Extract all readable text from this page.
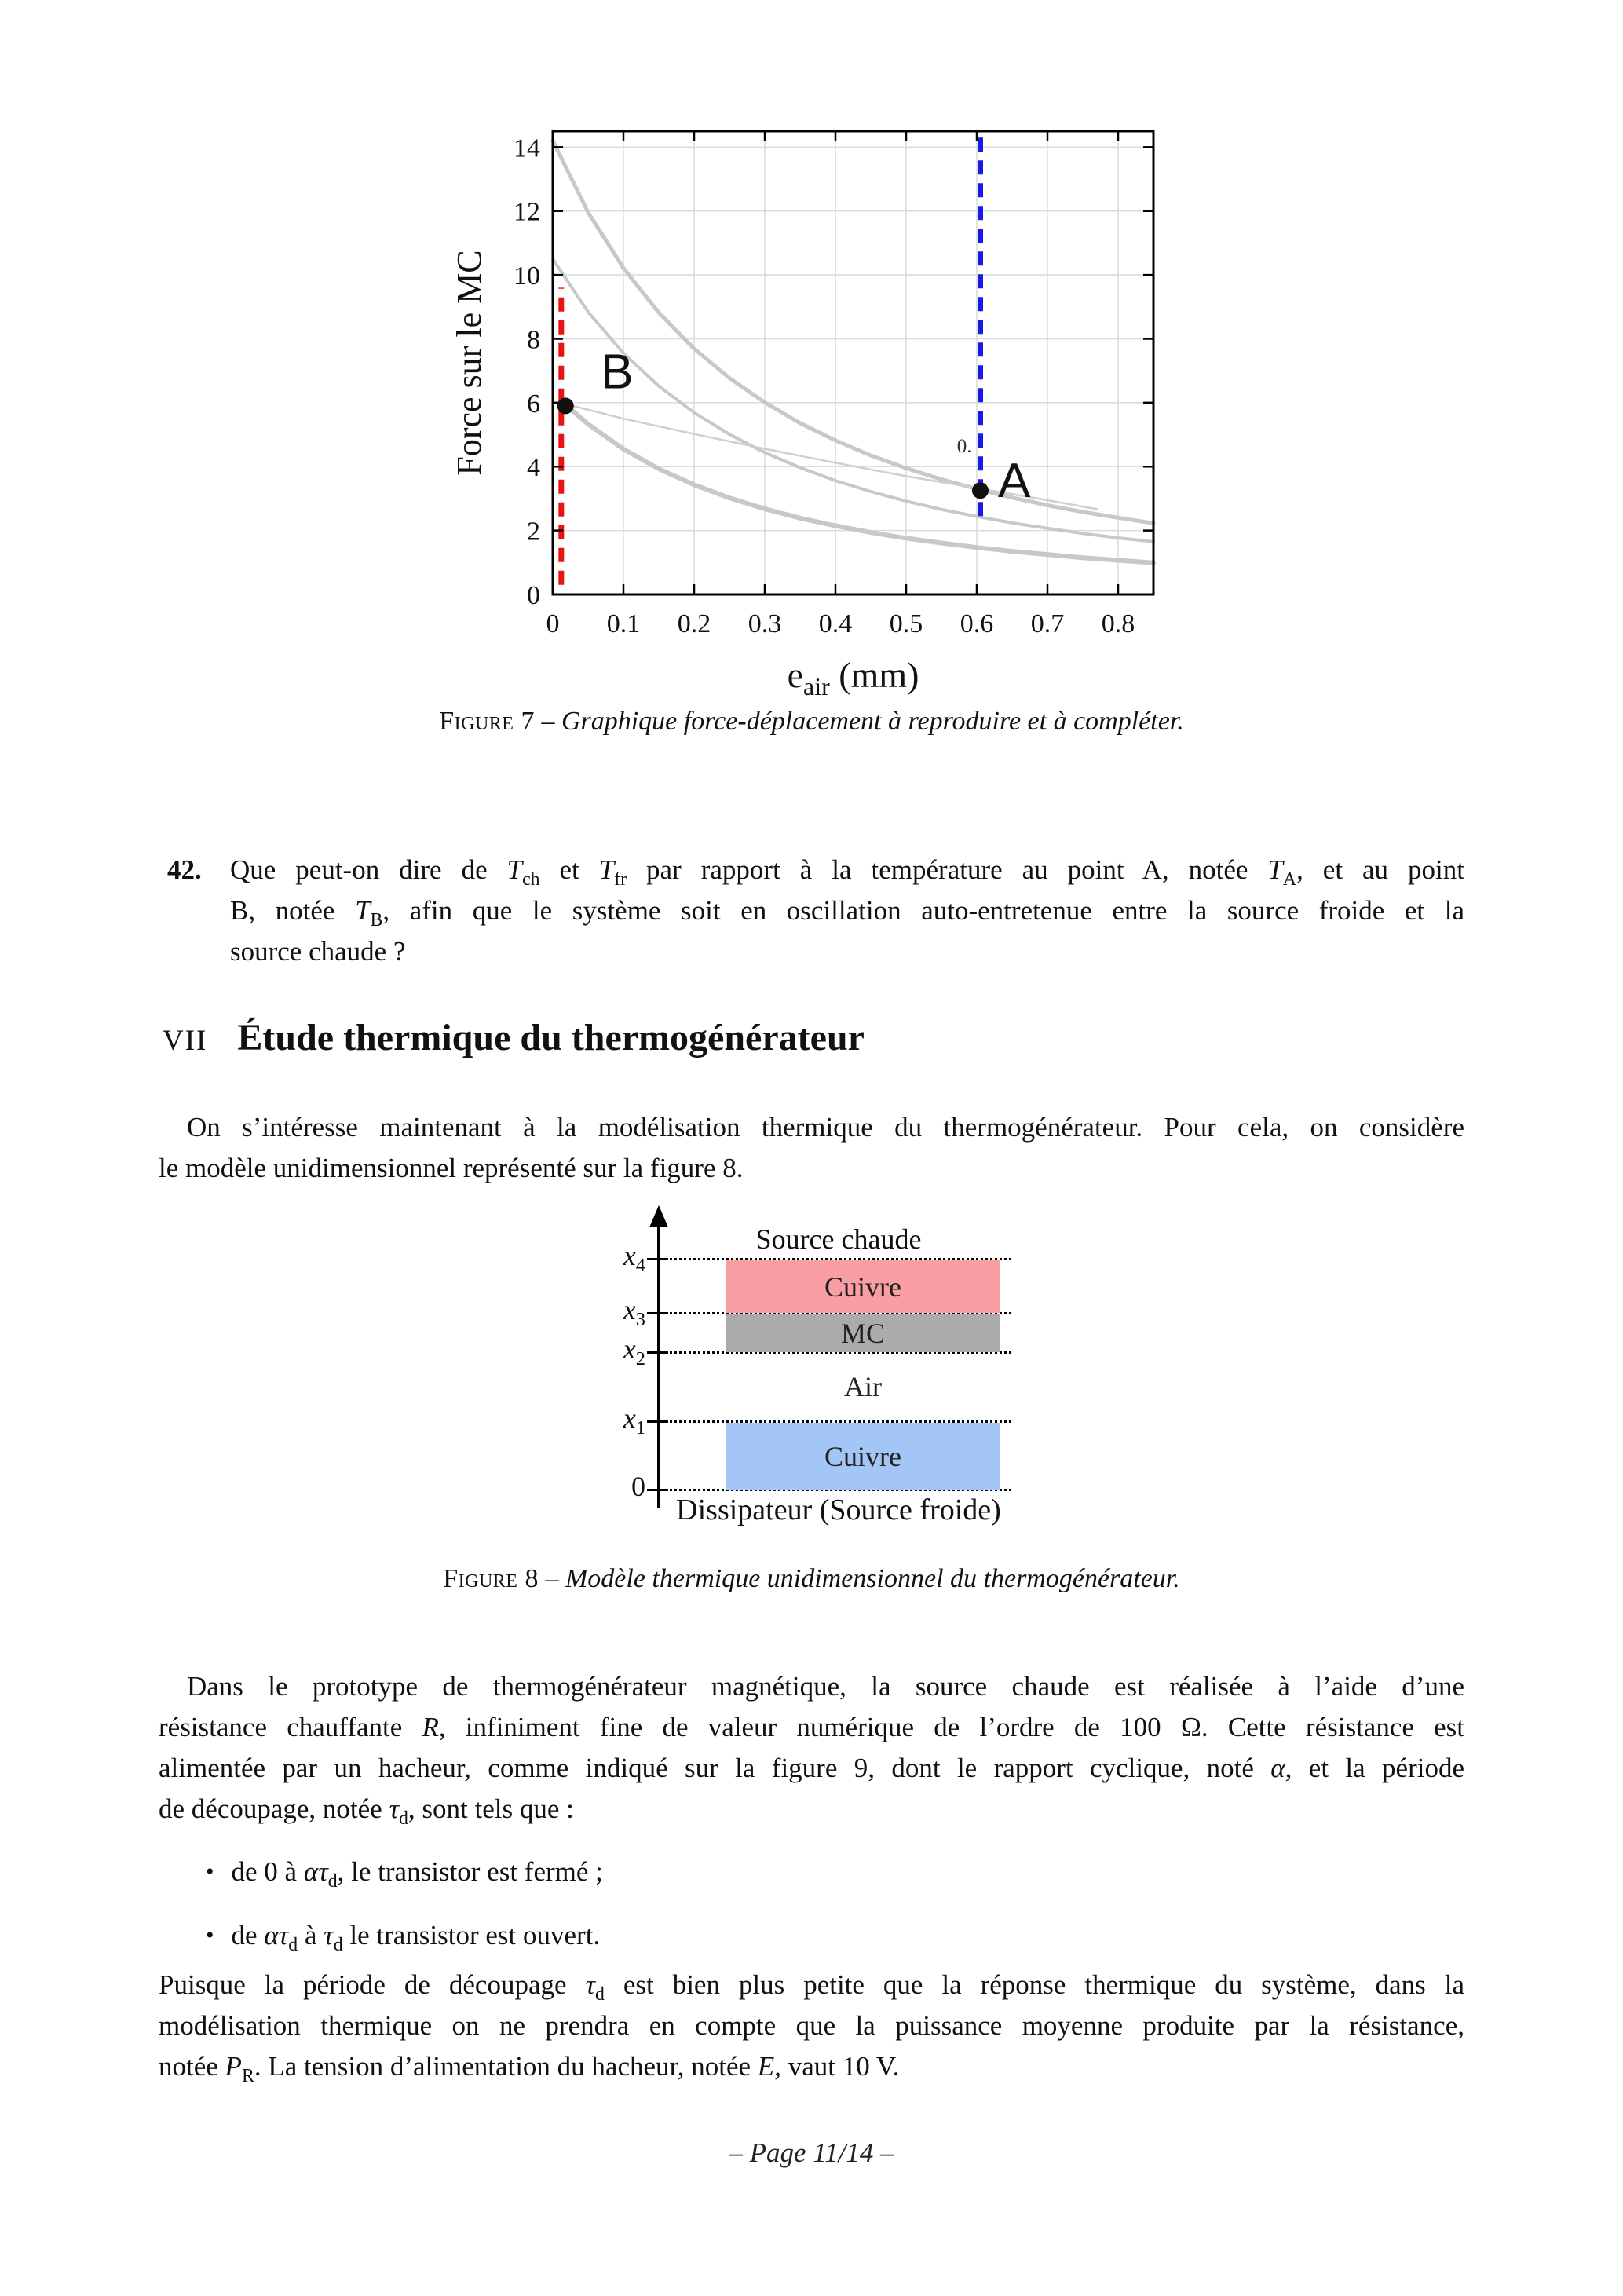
0 0.1 0.2 0.3 0.4 0.5 0.6 0.7 0.8
0
2
4
6
8
10
12
14
B
A
0.
Force sur le MC
$e_{air}$ (mm)
Figure 7 – Graphique force-déplacement à reproduire et à compléter.
42. Que peut-on dire de $T_{ch}$ et $T_{fr}$ par rapport à la température au point A, notée $T_A$, et au point
B, notée $T_B$, afin que le système soit en oscillation auto-entretenue entre la source froide et la
source chaude ?
VII Étude thermique du thermogénérateur
On s’intéresse maintenant à la modélisation thermique du thermogénérateur. Pour cela, on considère
le modèle unidimensionnel représenté sur la figure 8.
$x_4$
$x_3$
$x_2$
$x_1$
0
Source chaude
Cuivre
MC
Air
Cuivre
Dissipateur (Source froide)
Figure 8 – Modèle thermique unidimensionnel du thermogénérateur.
Dans le prototype de thermogénérateur magnétique, la source chaude est réalisée à l’aide d’une
résistance chauffante R, infiniment fine de valeur numérique de l’ordre de 100 Ω. Cette résistance est
alimentée par un hacheur, comme indiqué sur la figure 9, dont le rapport cyclique, noté α, et la période
de découpage, notée $\tau_d$, sont tels que :
• de 0 à $\alpha\tau_d$, le transistor est fermé ;
• de $\alpha\tau_d$ à $\tau_d$ le transistor est ouvert.
Puisque la période de découpage $\tau_d$ est bien plus petite que la réponse thermique du système, dans la
modélisation thermique on ne prendra en compte que la puissance moyenne produite par la résistance,
notée $P_R$. La tension d’alimentation du hacheur, notée E, vaut 10 V.
– Page 11/14 –
